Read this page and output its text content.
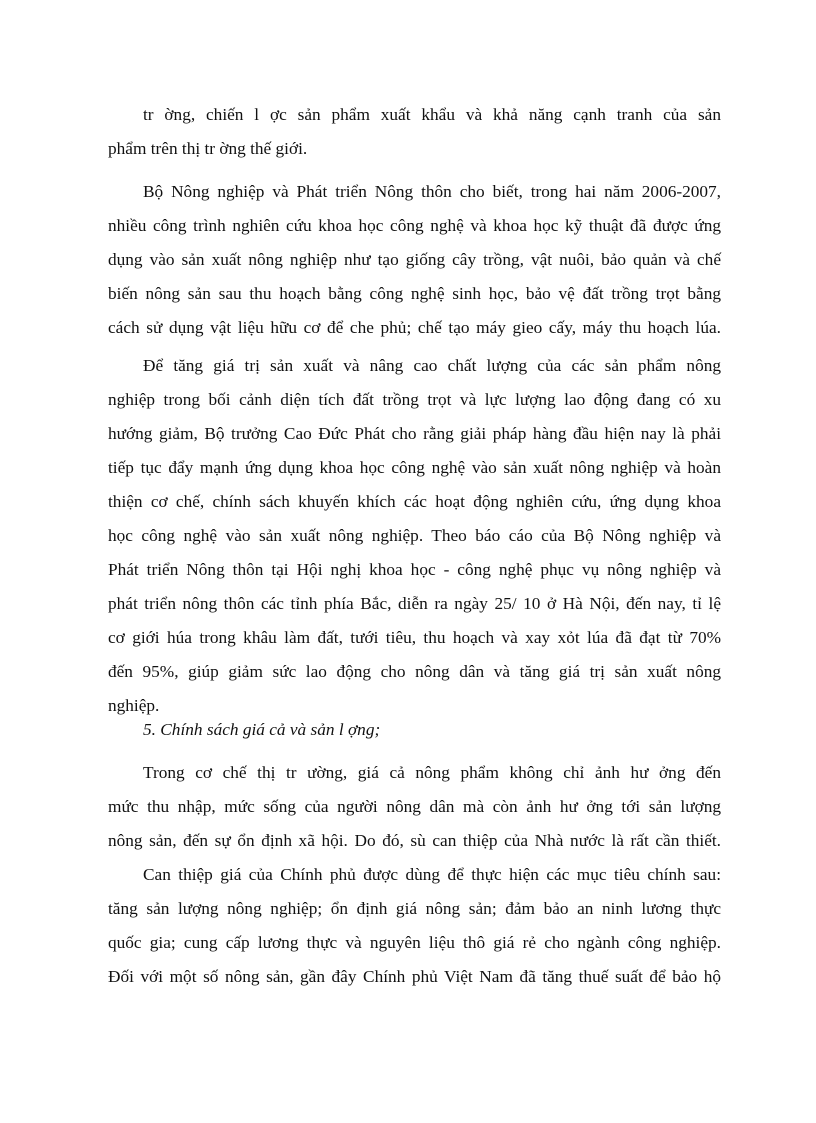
tr ờng, chiến l ợc sản phẩm xuất khẩu và khả năng cạnh tranh của sản
phẩm trên thị tr ờng thế giới.
Bộ Nông nghiệp và Phát triển Nông thôn cho biết, trong hai năm 2006-2007,
nhiều công trình nghiên cứu khoa học công nghệ và khoa học kỹ thuật đã được ứng
dụng vào sản xuất nông nghiệp như tạo giống cây trồng, vật nuôi, bảo quản và chế
biến nông sản sau thu hoạch bằng công nghệ sinh học, bảo vệ đất trồng trọt bằng
cách sử dụng vật liệu hữu cơ để che phủ; chế tạo máy gieo cấy, máy thu hoạch lúa.
Để tăng giá trị sản xuất và nâng cao chất lượng của các sản phẩm nông
nghiệp trong bối cảnh diện tích đất trồng trọt và lực lượng lao động đang có xu
hướng giảm, Bộ trưởng Cao Đức Phát cho rằng giải pháp hàng đầu hiện nay là phải
tiếp tục đẩy mạnh ứng dụng khoa học công nghệ vào sản xuất nông nghiệp và hoàn
thiện cơ chế, chính sách khuyến khích các hoạt động nghiên cứu, ứng dụng khoa
học công nghệ vào sản xuất nông nghiệp. Theo báo cáo của Bộ Nông nghiệp và
Phát triển Nông thôn tại Hội nghị khoa học - công nghệ phục vụ nông nghiệp và
phát triển nông thôn các tỉnh phía Bắc, diễn ra ngày 25/ 10 ở Hà Nội, đến nay, tỉ lệ
cơ giới húa trong khâu làm đất, tưới tiêu, thu hoạch và xay xỏt lúa đã đạt từ 70%
đến 95%, giúp giảm sức lao động cho nông dân và tăng giá trị sản xuất nông
nghiệp.
5. Chính sách giá cả và sản l ợng;
Trong cơ chế thị tr ường, giá cả nông phẩm không chỉ ảnh hư ởng đến
mức thu nhập, mức sống của người nông dân mà còn ảnh hư ởng tới sản lượng
nông sản, đến sự ổn định xã hội. Do đó, sù can thiệp của Nhà nước là rất cần thiết.
Can thiệp giá của Chính phủ được dùng để thực hiện các mục tiêu chính sau:
tăng sản lượng nông nghiệp; ổn định giá nông sản; đảm bảo an ninh lương thực
quốc gia; cung cấp lương thực và nguyên liệu thô giá rẻ cho ngành công nghiệp.
Đối với một số nông sản, gần đây Chính phủ Việt Nam đã tăng thuế suất để bảo hộ
